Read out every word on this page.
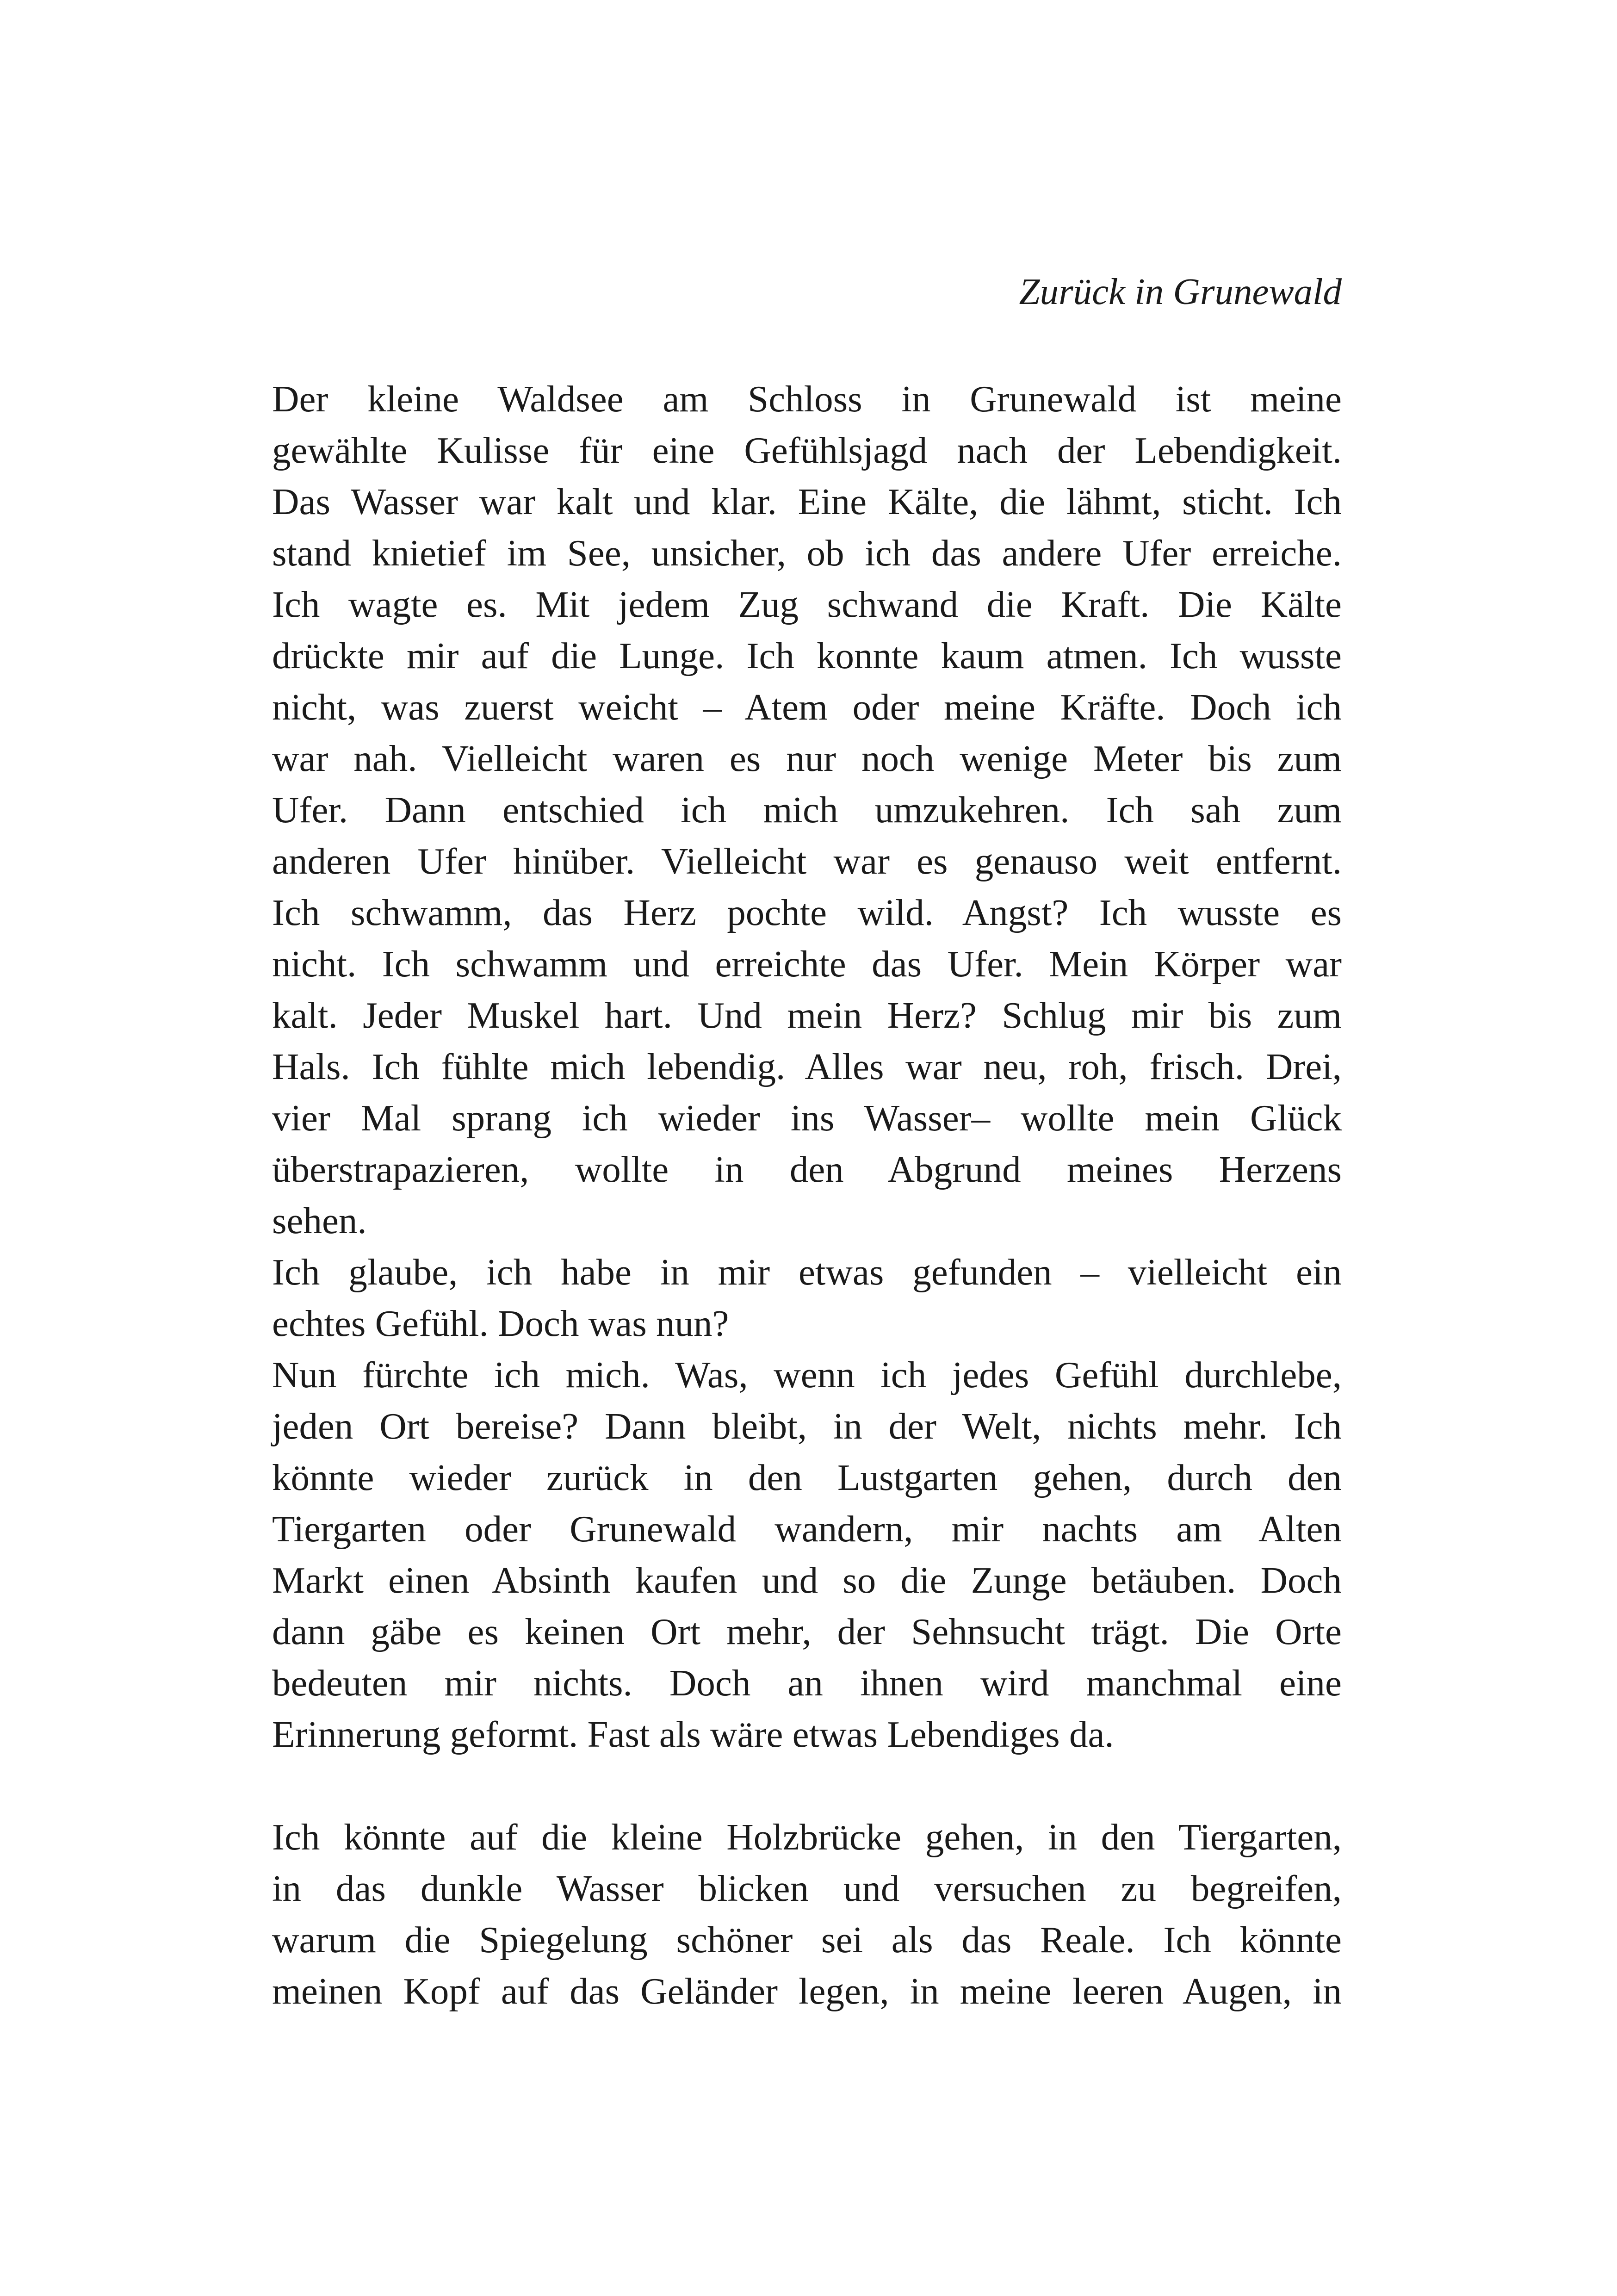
Zurück in Grunewald
Der kleine Waldsee am Schloss in Grunewald ist meine
gewählte Kulisse für eine Gefühlsjagd nach der Lebendigkeit.
Das Wasser war kalt und klar. Eine Kälte, die lähmt, sticht. Ich
stand knietief im See, unsicher, ob ich das andere Ufer erreiche.
Ich wagte es. Mit jedem Zug schwand die Kraft. Die Kälte
drückte mir auf die Lunge. Ich konnte kaum atmen. Ich wusste
nicht, was zuerst weicht – Atem oder meine Kräfte. Doch ich
war nah. Vielleicht waren es nur noch wenige Meter bis zum
Ufer. Dann entschied ich mich umzukehren. Ich sah zum
anderen Ufer hinüber. Vielleicht war es genauso weit entfernt.
Ich schwamm, das Herz pochte wild. Angst? Ich wusste es
nicht. Ich schwamm und erreichte das Ufer. Mein Körper war
kalt. Jeder Muskel hart. Und mein Herz? Schlug mir bis zum
Hals. Ich fühlte mich lebendig. Alles war neu, roh, frisch. Drei,
vier Mal sprang ich wieder ins Wasser– wollte mein Glück
überstrapazieren, wollte in den Abgrund meines Herzens
sehen.
Ich glaube, ich habe in mir etwas gefunden – vielleicht ein
echtes Gefühl. Doch was nun?
Nun fürchte ich mich. Was, wenn ich jedes Gefühl durchlebe,
jeden Ort bereise? Dann bleibt, in der Welt, nichts mehr. Ich
könnte wieder zurück in den Lustgarten gehen, durch den
Tiergarten oder Grunewald wandern, mir nachts am Alten
Markt einen Absinth kaufen und so die Zunge betäuben. Doch
dann gäbe es keinen Ort mehr, der Sehnsucht trägt. Die Orte
bedeuten mir nichts. Doch an ihnen wird manchmal eine
Erinnerung geformt. Fast als wäre etwas Lebendiges da.
Ich könnte auf die kleine Holzbrücke gehen, in den Tiergarten,
in das dunkle Wasser blicken und versuchen zu begreifen,
warum die Spiegelung schöner sei als das Reale. Ich könnte
meinen Kopf auf das Geländer legen, in meine leeren Augen, in
